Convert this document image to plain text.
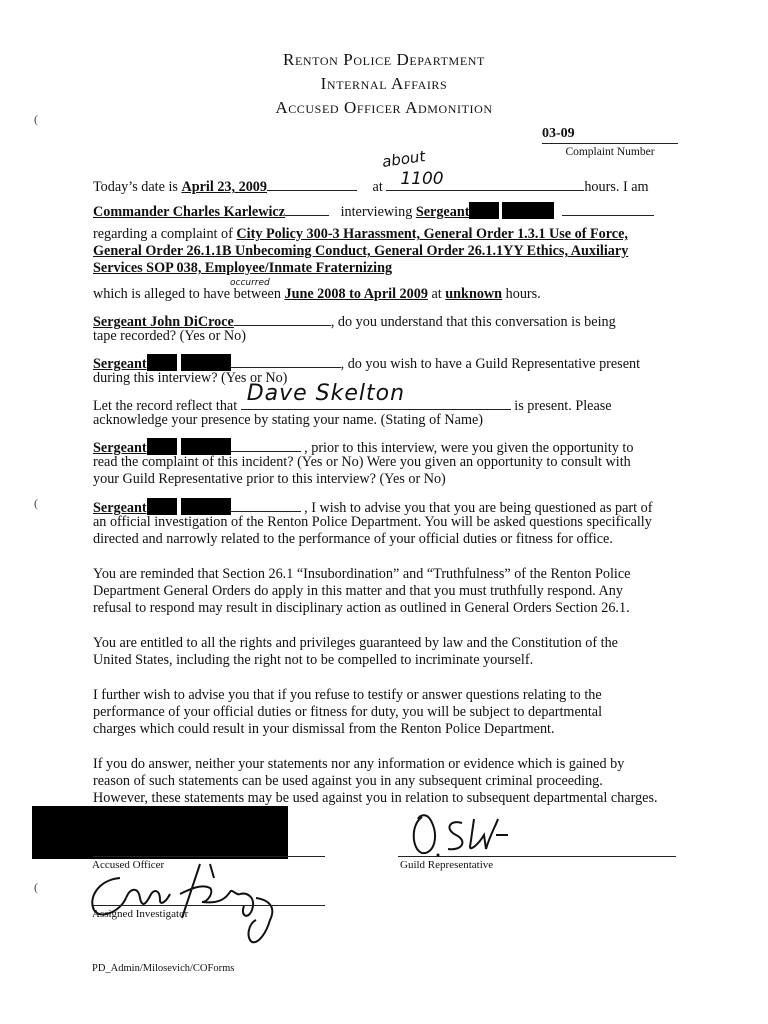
Renton Police Department
Internal Affairs
Accused Officer Admonition
03-09
Complaint Number
about
Today’s date is April 23, 2009	at 1100	hours. I am
Commander Charles Karlewicz	interviewing Sergeant
regarding a complaint of City Policy 300-3 Harassment, General Order 1.3.1 Use of Force,
General Order 26.1.1B Unbecoming Conduct, General Order 26.1.1YY Ethics, Auxiliary
Services SOP 038, Employee/Inmate Fraternizing
occurred
which is alleged to have between June 2008 to April 2009 at unknown hours.
Sergeant John DiCroce	, do you understand that this conversation is being
tape recorded? (Yes or No)
Sergeant	, do you wish to have a Guild Representative present
during this interview? (Yes or No)
Let the record reflect that Dave Skelton	is present. Please
acknowledge your presence by stating your name. (Stating of Name)
Sergeant	, prior to this interview, were you given the opportunity to
read the complaint of this incident? (Yes or No) Were you given an opportunity to consult with
your Guild Representative prior to this interview? (Yes or No)
Sergeant	, I wish to advise you that you are being questioned as part of
an official investigation of the Renton Police Department. You will be asked questions specifically
directed and narrowly related to the performance of your official duties or fitness for office.
You are reminded that Section 26.1 “Insubordination” and “Truthfulness” of the Renton Police
Department General Orders do apply in this matter and that you must truthfully respond. Any
refusal to respond may result in disciplinary action as outlined in General Orders Section 26.1.
You are entitled to all the rights and privileges guaranteed by law and the Constitution of the
United States, including the right not to be compelled to incriminate yourself.
I further wish to advise you that if you refuse to testify or answer questions relating to the
performance of your official duties or fitness for duty, you will be subject to departmental
charges which could result in your dismissal from the Renton Police Department.
If you do answer, neither your statements nor any information or evidence which is gained by
reason of such statements can be used against you in any subsequent criminal proceeding.
However, these statements may be used against you in relation to subsequent departmental charges.
Accused Officer	Guild Representative
Assigned Investigator
PD_Admin/Milosevich/COForms
(
(
(
